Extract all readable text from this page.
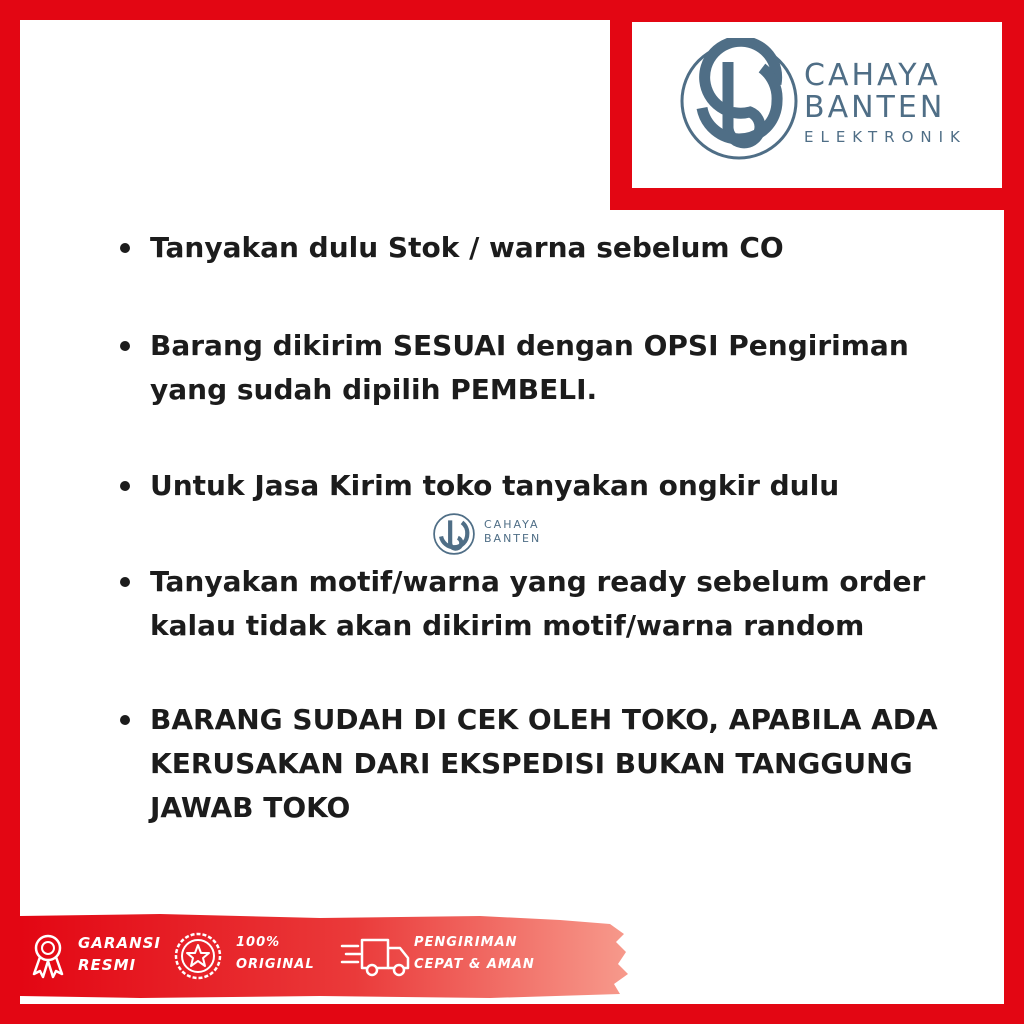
CAHAYA
BANTEN
ELEKTRONIK
Tanyakan dulu Stok / warna sebelum CO
Barang dikirim SESUAI dengan OPSI Pengiriman yang sudah dipilih PEMBELI.
Untuk Jasa Kirim toko tanyakan ongkir dulu
Tanyakan motif/warna yang ready sebelum order kalau tidak akan dikirim motif/warna random
BARANG SUDAH DI CEK OLEH TOKO, APABILA ADA KERUSAKAN DARI EKSPEDISI BUKAN TANGGUNG JAWAB TOKO
CAHAYA
BANTEN
GARANSI
RESMI
100%
ORIGINAL
PENGIRIMAN
CEPAT & AMAN
